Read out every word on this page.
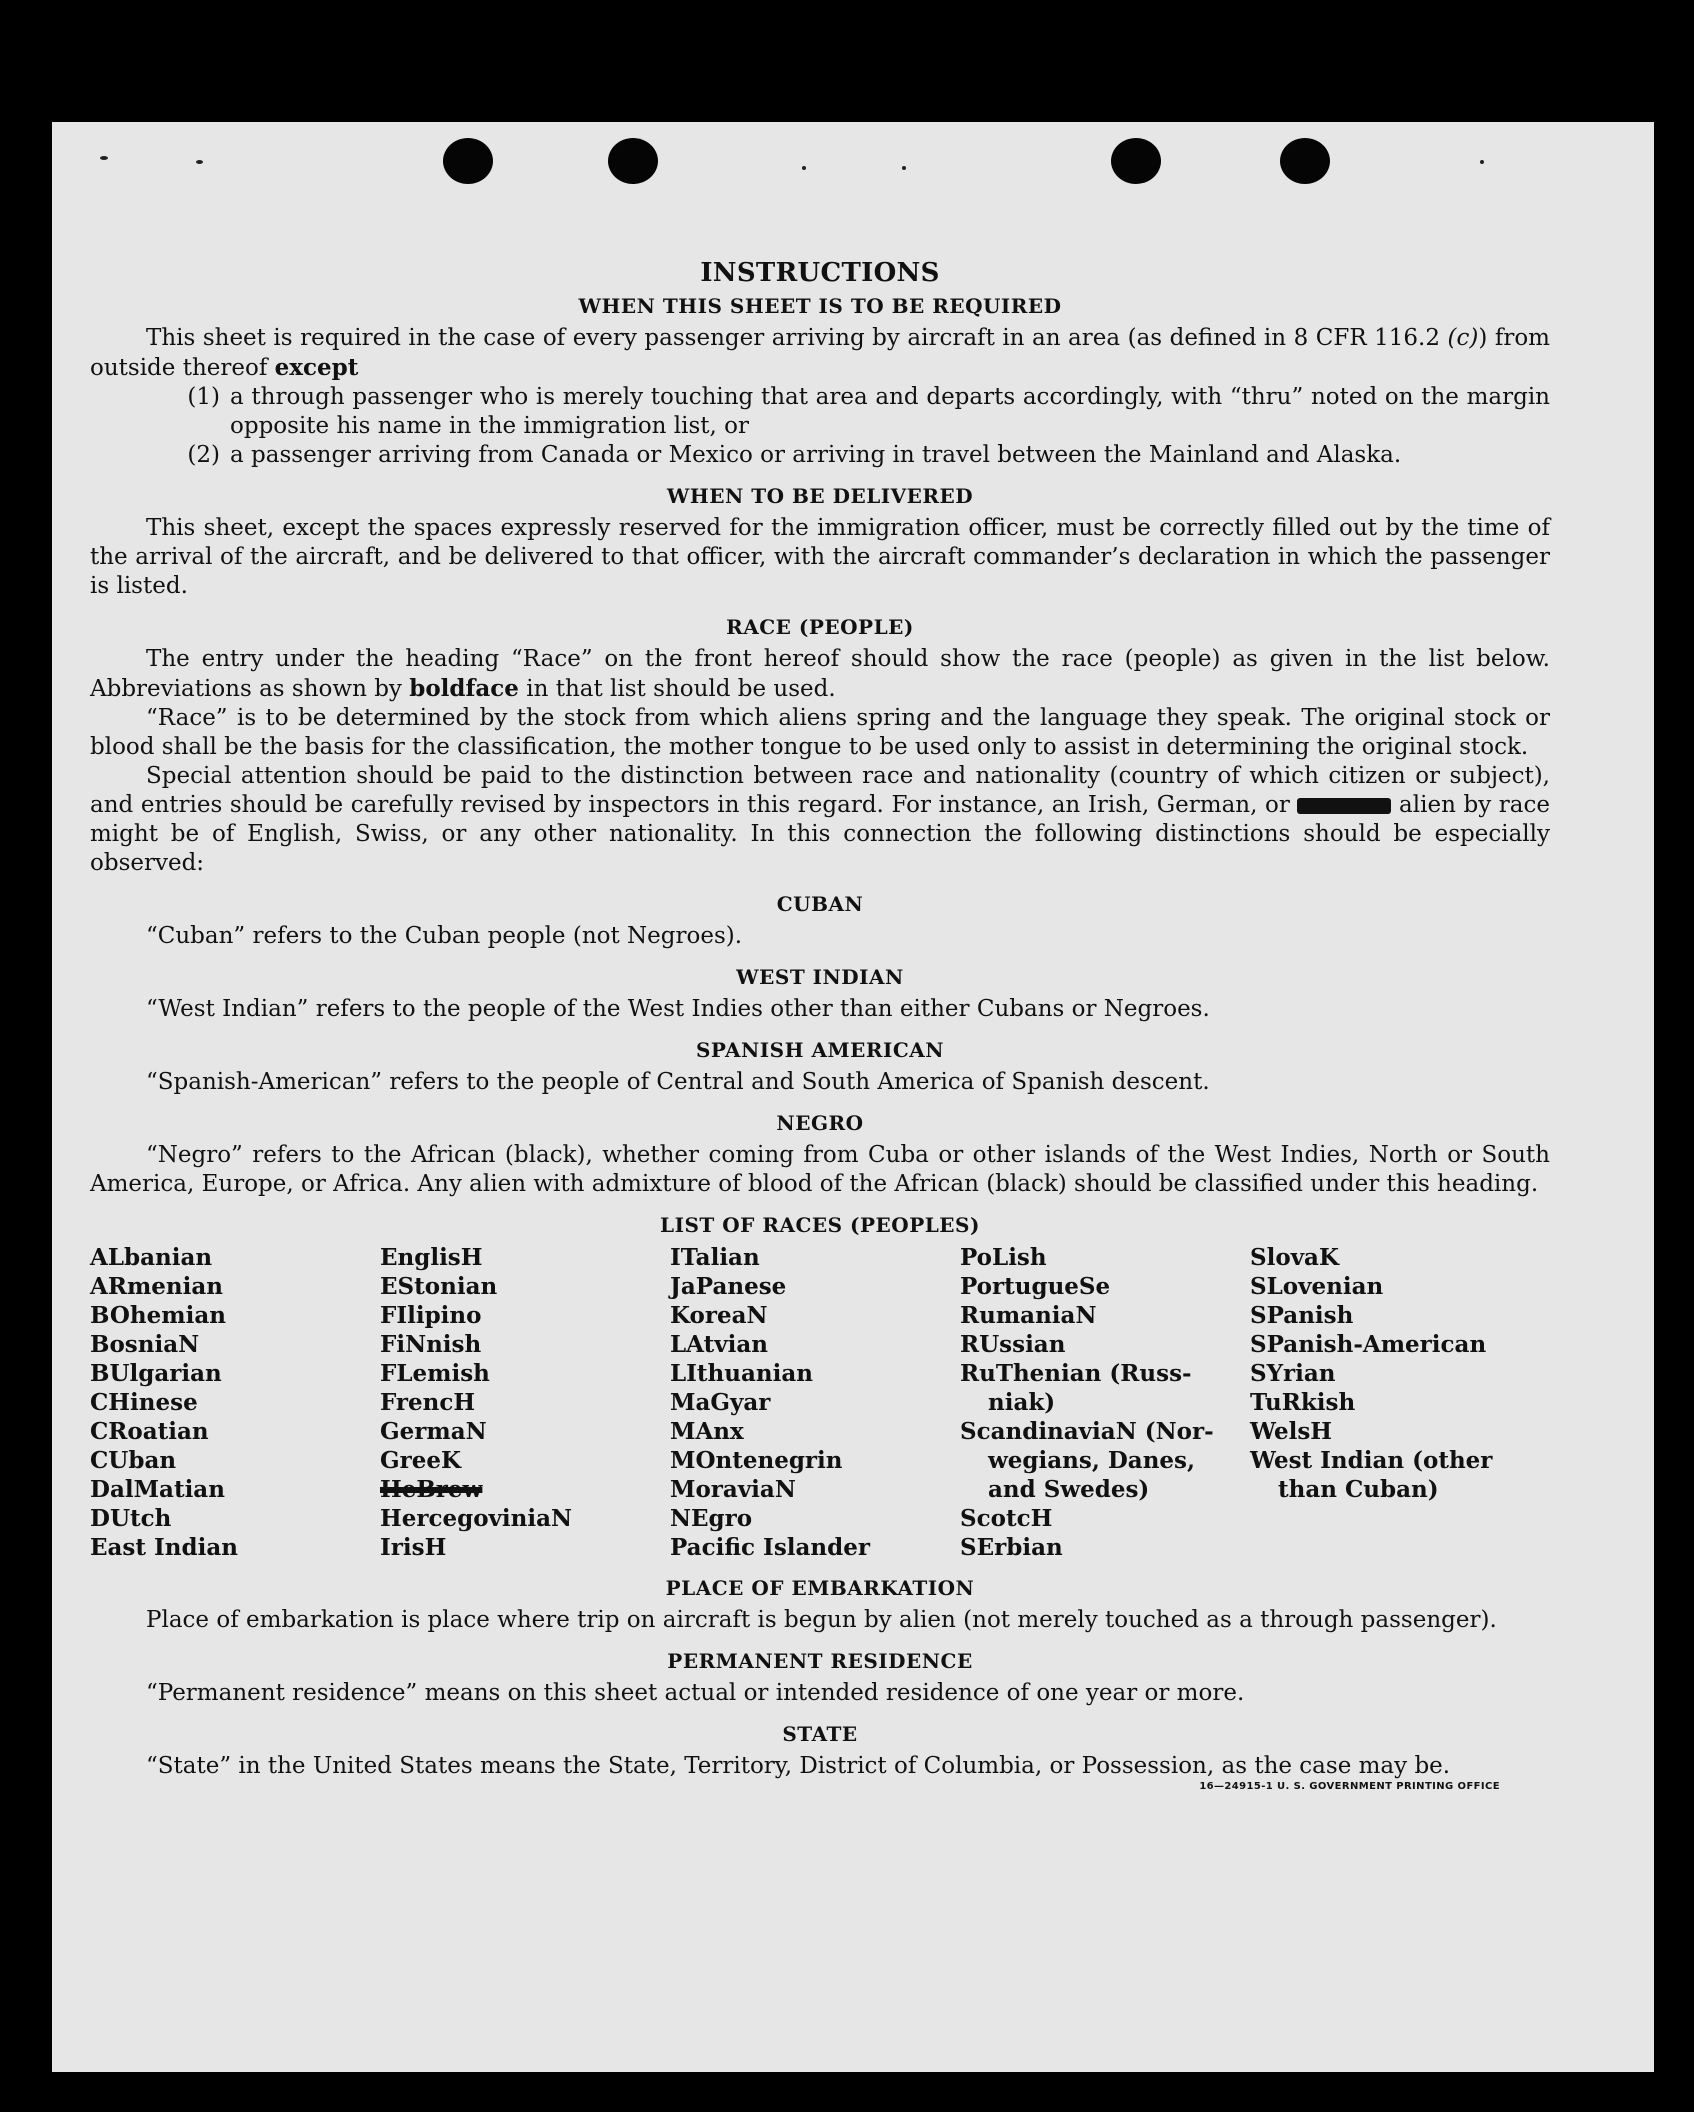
INSTRUCTIONS
WHEN THIS SHEET IS TO BE REQUIRED

This sheet is required in the case of every passenger arriving by aircraft in an area (as defined in 8 CFR 116.2 (c)) from outside thereof except

(1) a through passenger who is merely touching that area and departs accordingly, with “thru” noted on the margin opposite his name in the immigration list, or
(2) a passenger arriving from Canada or Mexico or arriving in travel between the Mainland and Alaska.
WHEN TO BE DELIVERED

This sheet, except the spaces expressly reserved for the immigration officer, must be correctly filled out by the time of the arrival of the aircraft, and be delivered to that officer, with the aircraft commander’s declaration in which the passenger is listed.

RACE (PEOPLE)

The entry under the heading “Race” on the front hereof should show the race (people) as given in the list below. Abbreviations as shown by boldface in that list should be used.

“Race” is to be determined by the stock from which aliens spring and the language they speak. The original stock or blood shall be the basis for the classification, the mother tongue to be used only to assist in determining the original stock.

Special attention should be paid to the distinction between race and nationality (country of which citizen or subject), and entries should be carefully revised by inspectors in this regard. For instance, an Irish, German, or	alien by race might be of English, Swiss, or any other nationality. In this connection the following distinctions should be especially observed:

CUBAN

“Cuban” refers to the Cuban people (not Negroes).

WEST INDIAN

“West Indian” refers to the people of the West Indies other than either Cubans or Negroes.

SPANISH AMERICAN

“Spanish-American” refers to the people of Central and South America of Spanish descent.

NEGRO

“Negro” refers to the African (black), whether coming from Cuba or other islands of the West Indies, North or South America, Europe, or Africa. Any alien with admixture of blood of the African (black) should be classified under this heading.

LIST OF RACES (PEOPLES)
ALbanian
ARmenian
BOhemian
BosniaN
BUlgarian
CHinese
CRoatian
CUban
DalMatian
DUtch
East Indian
EnglisH
EStonian
FIlipino
FiNnish
FLemish
FrencH
GermaN
GreeK
HeBrew
HercegoviniaN
IrisH
ITalian
JaPanese
KoreaN
LAtvian
LIthuanian
MaGyar
MAnx
MOntenegrin
MoraviaN
NEgro
Pacific Islander
PoLish
PortugueSe
RumaniaN
RUssian
RuThenian (Russ-
niak)
ScandinaviaN (Nor-
wegians, Danes,
and Swedes)
ScotcH
SErbian
SlovaK
SLovenian
SPanish
SPanish-American
SYrian
TuRkish
WelsH
West Indian (other
than Cuban)
PLACE OF EMBARKATION

Place of embarkation is place where trip on aircraft is begun by alien (not merely touched as a through passenger).

PERMANENT RESIDENCE

“Permanent residence” means on this sheet actual or intended residence of one year or more.

STATE

“State” in the United States means the State, Territory, District of Columbia, or Possession, as the case may be.

16—24915-1 U. S. GOVERNMENT PRINTING OFFICE
